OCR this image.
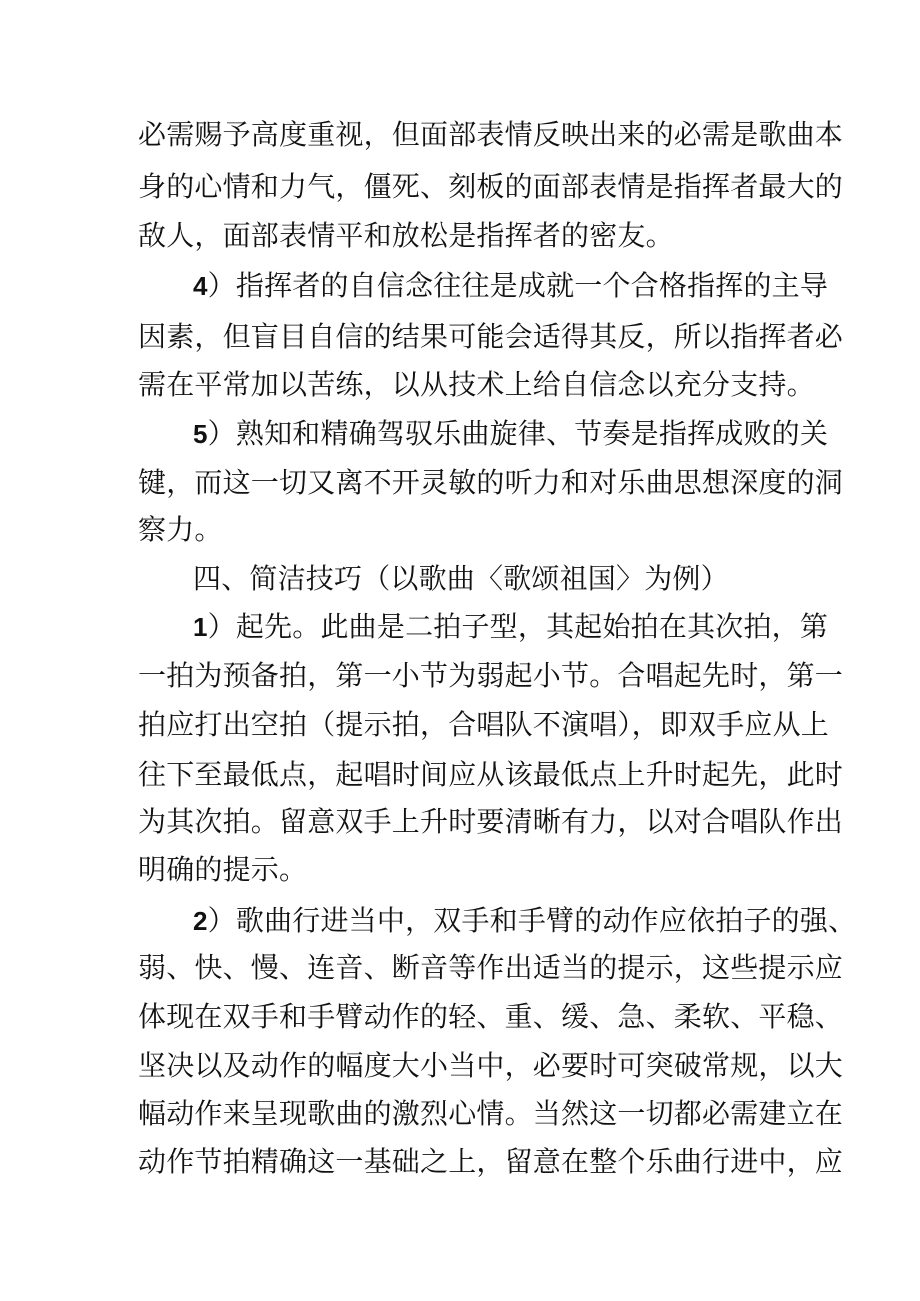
必需赐予高度重视，但面部表情反映出来的必需是歌曲本
身的心情和力气，僵死、刻板的面部表情是指挥者最大的
敌人，面部表情平和放松是指挥者的密友。
4）指挥者的自信念往往是成就一个合格指挥的主导
因素，但盲目自信的结果可能会适得其反，所以指挥者必
需在平常加以苦练，以从技术上给自信念以充分支持。
5）熟知和精确驾驭乐曲旋律、节奏是指挥成败的关
键，而这一切又离不开灵敏的听力和对乐曲思想深度的洞
察力。
四、简洁技巧（以歌曲〈歌颂祖国〉为例）
1）起先。此曲是二拍子型，其起始拍在其次拍，第
一拍为预备拍，第一小节为弱起小节。合唱起先时，第一
拍应打出空拍（提示拍，合唱队不演唱），即双手应从上
往下至最低点，起唱时间应从该最低点上升时起先，此时
为其次拍。留意双手上升时要清晰有力，以对合唱队作出
明确的提示。
2）歌曲行进当中，双手和手臂的动作应依拍子的强、
弱、快、慢、连音、断音等作出适当的提示，这些提示应
体现在双手和手臂动作的轻、重、缓、急、柔软、平稳、
坚决以及动作的幅度大小当中，必要时可突破常规，以大
幅动作来呈现歌曲的激烈心情。当然这一切都必需建立在
动作节拍精确这一基础之上，留意在整个乐曲行进中，应
